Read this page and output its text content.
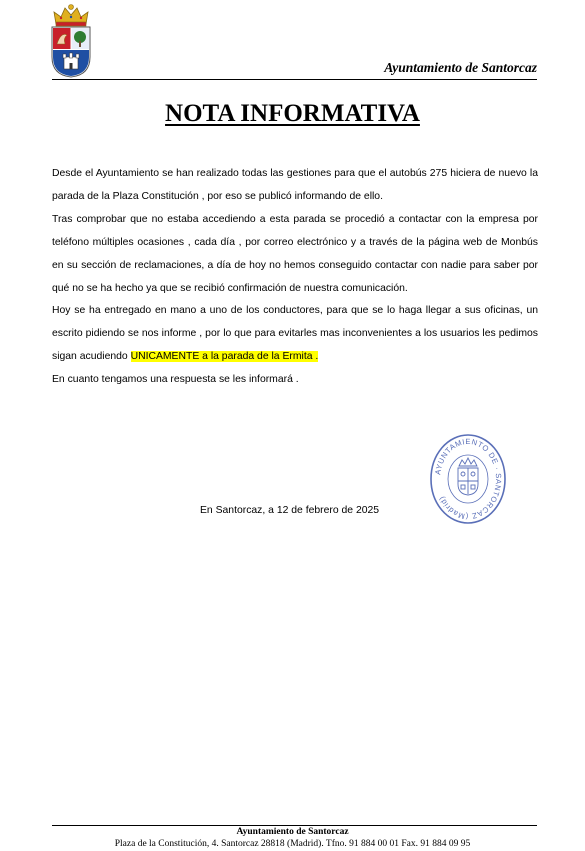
Ayuntamiento de Santorcaz
NOTA INFORMATIVA

Desde el Ayuntamiento se han realizado todas las gestiones para que el autobús 275 hiciera de nuevo la parada de la Plaza Constitución , por eso se publicó informando de ello.

Tras comprobar que no estaba accediendo a esta parada se procedió a contactar con la empresa por teléfono múltiples ocasiones , cada día , por correo electrónico y a través de la página web de Monbús en su sección de reclamaciones, a día de hoy no hemos conseguido contactar con nadie para saber por qué no se ha hecho ya que se recibió confirmación de nuestra comunicación.

Hoy se ha entregado en mano a uno de los conductores, para que se lo haga llegar a sus oficinas, un escrito pidiendo se nos informe , por lo que para evitarles mas inconvenientes a los usuarios les pedimos sigan acudiendo UNICAMENTE a la parada de la Ermita .

En cuanto tengamos una respuesta se les informará .

AYUNTAMIENTO DE · SANTORCAZ (Madrid)
En Santorcaz, a 12 de febrero de 2025
Ayuntamiento de Santorcaz
Plaza de la Constitución, 4. Santorcaz 28818 (Madrid). Tfno. 91 884 00 01 Fax. 91 884 09 95
